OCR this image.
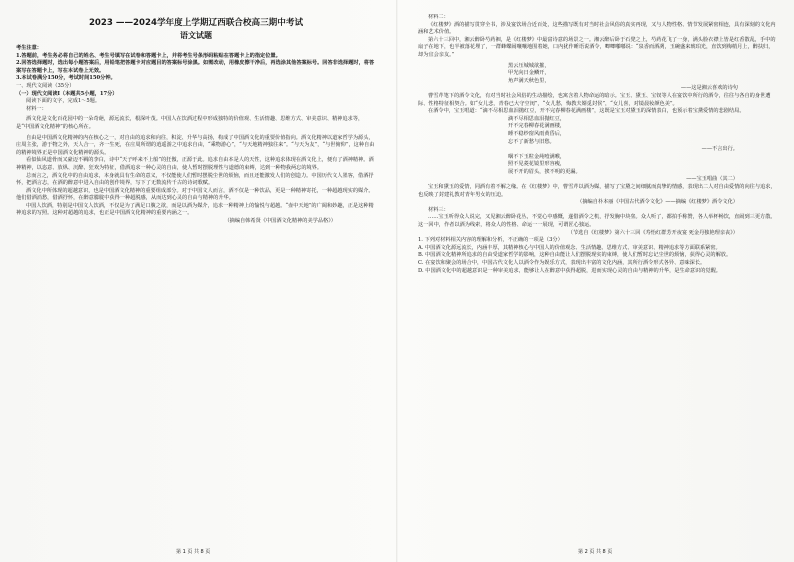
2023 ——2024学年度上学期辽西联合校高三期中考试
语文试题

考生注意：

1.答题前，考生务必将自己的姓名、考生号填写在试卷和答题卡上，并将考生号条形码粘贴在答题卡上的指定位置。

2.回答选择题时，选出每小题答案后，用铅笔把答题卡对应题目的答案标号涂黑。如需改动，用橡皮擦干净后，再选涂其他答案标号。回答非选择题时，将答案写在答题卡上，写在本试卷上无效。

3.本试卷满分150分，考试时间150分钟。

一、现代文阅读（35分）

（一）现代文阅读Ⅰ（本题共5小题，17分）

阅读下面的文字，完成1～5题。

材料一：

酒文化是文化百花园中的一朵奇葩，源远流长，根深叶茂。中国人在饮酒过程中形成独特的价值观、生活情趣、思维方式、审美意识、精神追求等，是“中国酒文化精神”的核心所在。

自由是中国酒文化精神的内在核心之一，对自由的追求和向往，积淀、升华与高扬，构成了中国酒文化的重要价值指向。酒文化精神以道家哲学为源头，庄周主张，游于物之外，天人合一，齐一生死，在庄周所谓的逍遥游之中追求自由，“乘物游心”，“与天地精神独往来”。“与天为友”，“与世俯仰”，这种自由的精神境界正是中国酒文化精神的源头。

看似仙风道骨而又豪迈不羁的李白，诗中“天子呼来不上船”的狂傲，正源于此。追求自由本是人的天性，这种追求体现在酒文化上，便有了酒神精神。酒神精神，以恣意、放纵、沉醉、狂欢为特征，借酒追求一种心灵的自由，使人暂时摆脱理性与道德的束缚，达到一种物我两忘的境界。

总而言之，酒文化中的自由追求，本身就具有生命的意义，不仅能使人们暂时摆脱尘世的烦恼，而且还能激发人们的创造力。中国历代文人墨客，借酒抒怀，把酒言志，在酒的醉意中进入自由的创作境界，写下了无数流传千古的诗词歌赋。

酒文化中所体现的超越意识，也是中国酒文化精神的重要组成部分。对于中国文人而言，酒不仅是一种饮品，更是一种精神寄托，一种超越现实的媒介。他们借酒消愁，借酒抒怀，在醉意朦胧中获得一种超脱感，从而达到心灵的自由与精神的升华。

中国人饮酒，特别是中国文人饮酒，不仅是为了满足口腹之欲，而是以酒为媒介，追求一种精神上的愉悦与超越。“壶中天地”的广阔和妙趣，正是这种精神追求的写照。这种对超越的追求，也正是中国酒文化精神的重要内涵之一。

（摘编自韩希贤《中国酒文化精神的美学品格》）

材料二：

《红楼梦》酒的描写贯穿全书，涉及宴饮场合近百处，这些描写既有对当时社会风俗的真实再现，又与人物性格、情节发展紧密相连，具有深刻的文化内涵和艺术价值。

第六十三回中，湘云醉卧芍药裀，是《红楼梦》中最富诗意的场景之一。湘云醉后卧于石凳之上，芍药花飞了一身，满头脸衣襟上皆是红香散乱，手中的扇子在地下，也半被落花埋了，一群蜂蝶闹嚷嚷地围着她，口内犹作睡语说酒令，唧唧嘟嘟说：“泉香而酒冽，玉碗盛来琥珀光，直饮到梅梢月上，醉扶归，却为宜会亲友。”

黑云压城城欲摧，

甲光向日金鳞开，

角声满天秋色里，

——这是湘云喜欢的诗句

曹雪芹笔下的酒令文化，有对当时社会风俗的生动描绘，也寓含着人物命运的暗示。宝玉、黛玉、宝钗等人在宴饮中所行的酒令，往往与各自的身世遭际、性格特征相契合。如“女儿悲，青春已大守空闺”，“女儿愁，悔教夫婿觅封侯”，“女儿喜，对镜晨妆颜色美”。

在酒令中，宝玉唱道：“滴不尽相思血泪抛红豆，开不完春柳春花满画楼”，这既是宝玉对黛玉的深情表白，也预示着宝黛爱情的悲剧结局。

滴不尽相思血泪抛红豆，

开不完春柳春花满画楼，

睡不稳纱窗风雨黄昏后，

忘不了新愁与旧愁。

——不言出行。

咽不下玉粒金莼噎满喉，

照不见菱花镜里形容瘦，

展不开的眉头，挨不明的更漏。

——宝玉唱曲（其二）

宝玉和黛玉的爱情，同酒有着不解之缘。在《红楼梦》中，曹雪芹以酒为媒，描写了宝黛之间细腻而真挚的情感，表现出二人对自由爱情的向往与追求，也反映了封建礼教对青年男女的压迫。

（摘编自朴本丽《中国古代酒令文化》——摘编《红楼梦》酒令文化）

材料三：

……宝玉听得众人说完，又见湘云醉卧花丛，不觉心中感慨，遂借酒令之机，抒发胸中块垒。众人听了，都拍手称赞，各人举杯畅饮，直闹到三更方散。这一回中，作者以酒为线索，将众人的性格、命运一一展现，可谓匠心独运。

（节选自《红楼梦》第六十三回《寿怡红群芳开夜宴 死金丹独艳理亲丧》）

1. 下列对材料相关内容的理解和分析，不正确的一项是（3分）

A. 中国酒文化源远流长，内涵丰厚，其精神核心与中国人的价值观念、生活情趣、思维方式、审美意识、精神追求等方面联系紧密。

B. 中国酒文化精神所追求的自由受道家哲学的影响，这种自由能让人们摆脱现实的束缚，使人们暂时忘记尘世的烦恼，获得心灵的解放。

C. 在宴饮和聚会的场合中，中国古代文化人以酒令作为娱乐方式，表现出丰富的文化内涵，其所行酒令形式各异、意味深长。

D. 中国酒文化中的超越意识是一种审美追求，能够让人在醉意中获得超脱，进而实现心灵的自由与精神的升华，是生命意识的觉醒。

第 1 页 共 8 页	第 2 页 共 8 页
